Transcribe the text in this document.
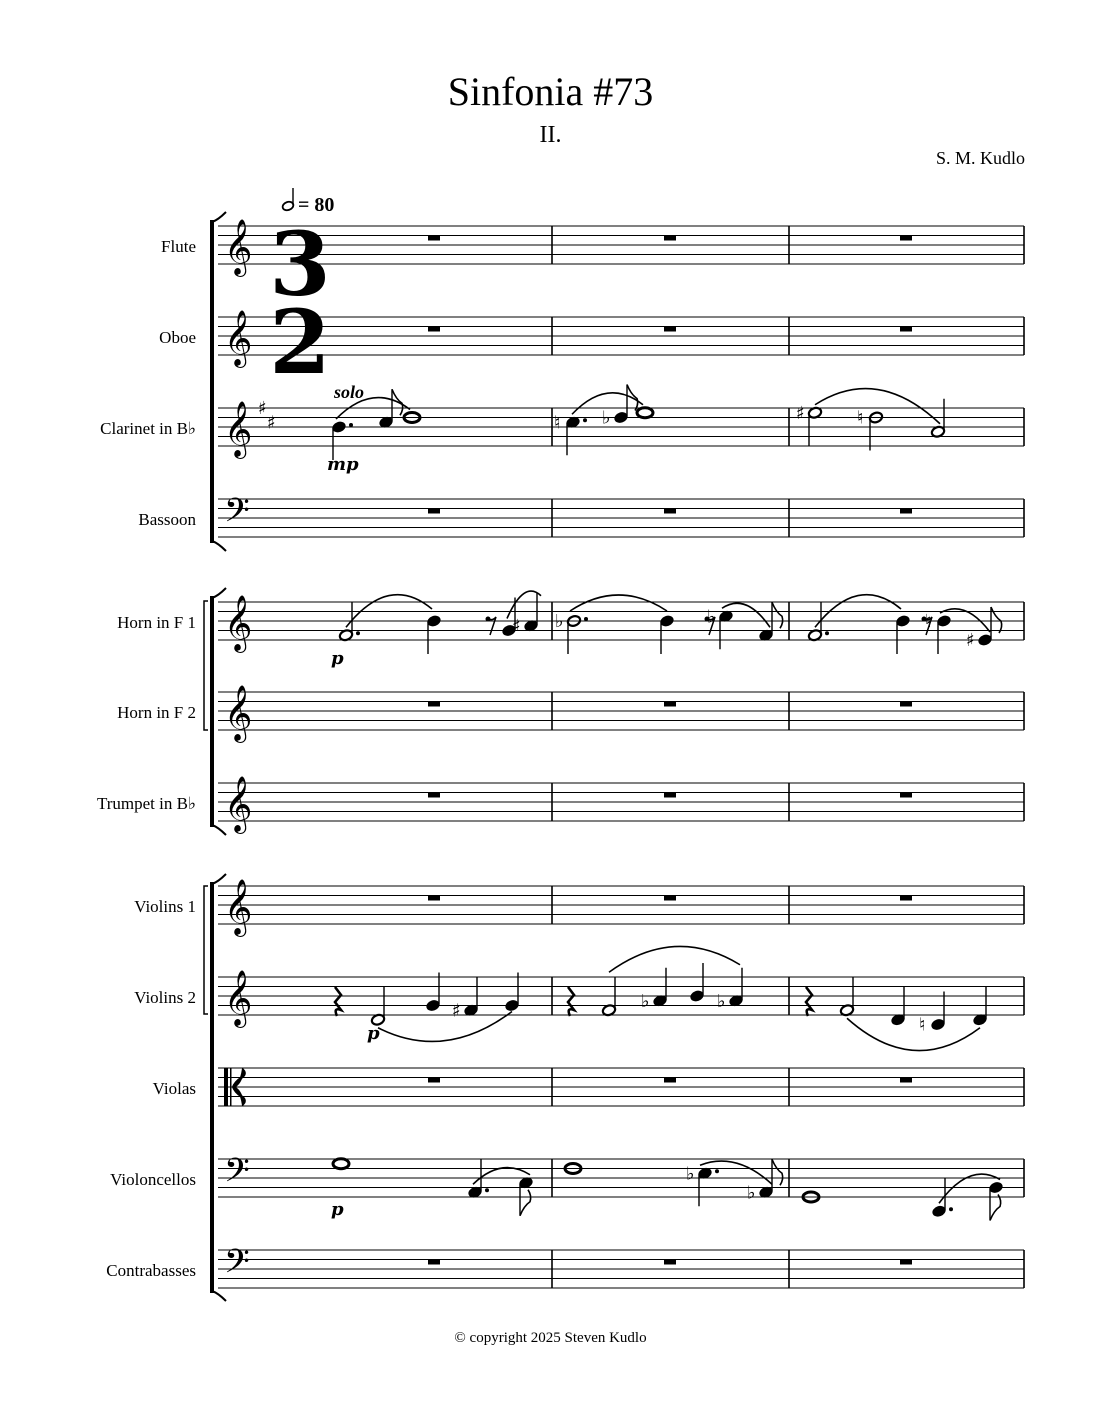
Sinfonia #73
II.
S. M. Kudlo
= 80
solo
mp
p
p
p
Flute 𝄞
Oboe 𝄞
Clarinet in B♭ 𝄞 ♯
♯
Bassoon 𝄢
Horn in F 1 𝄞
Horn in F 2 𝄞
Trumpet in B♭ 𝄞
Violins 1 𝄞
Violins 2 𝄞
Violas
Violoncellos 𝄢
Contrabasses 𝄢
3
2
♮ ♭	♯	♮
♯ ♭	♭	♮
♯
♯	♭	♭
♮
♭
♭
© copyright 2025 Steven Kudlo
